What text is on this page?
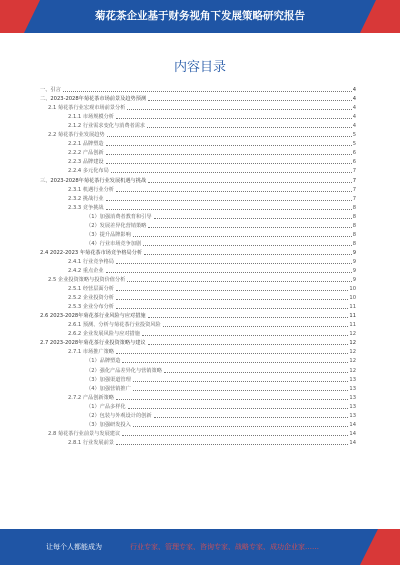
菊花茶企业基于财务视角下发展策略研究报告
内容目录
一、引言	4
二、2023-2028年菊花茶市场前景及趋势预测	4
2.1 菊花茶行业宏观市场前景分析	4
2.1.1 市场规模分析	4
2.1.2 行业需求变化与消费者需求	4
2.2 菊花茶行业发展趋势	5
2.2.1 品牌塑造	5
2.2.2 产品创新	6
2.2.3 品牌建设	6
2.2.4 多元化布局	7
三、2023-2028年菊花茶行业发展机遇与挑战	7
2.3.1 机遇行业分析	7
2.3.2 挑战行业	7
2.3.3 竞争挑战	8
（1）加强消费者教育和引导	8
（2）发展差异化营销策略	8
（3）提升品牌影响	8
（4）行业市场竞争加剧	8
2.4 2022-2023 年菊花茶市场竞争格局分析	9
2.4.1 行业竞争格局	9
2.4.2 重点企业	9
2.5 企业投资策略与投资价值分析	9
2.5.1 经营层面分析	10
2.5.2 企业投资分析	10
2.5.3 企业分布分析	11
2.6 2023-2028年菊花茶行业风险与应对措施	11
2.6.1 预测、分析与菊花茶行业投资风险	11
2.6.2 企业发展风险与应对措施	12
2.7 2023-2028年菊花茶行业投资策略与建议	12
2.7.1 市场推广策略	12
（1）品牌塑造	12
（2）强化产品差异化与营销策略	12
（3）加强渠道管理	13
（4）加强营销推广	13
2.7.2 产品创新策略	13
（1）产品多样化	13
（2）包装与外观设计的创新	13
（3）加强研发投入	14
2.8 菊花茶行业前景与发展建议	14
2.8.1 行业发展前景	14
让每个人都能成为	行业专家、管理专家、咨询专家、战略专家、成功企业家……
